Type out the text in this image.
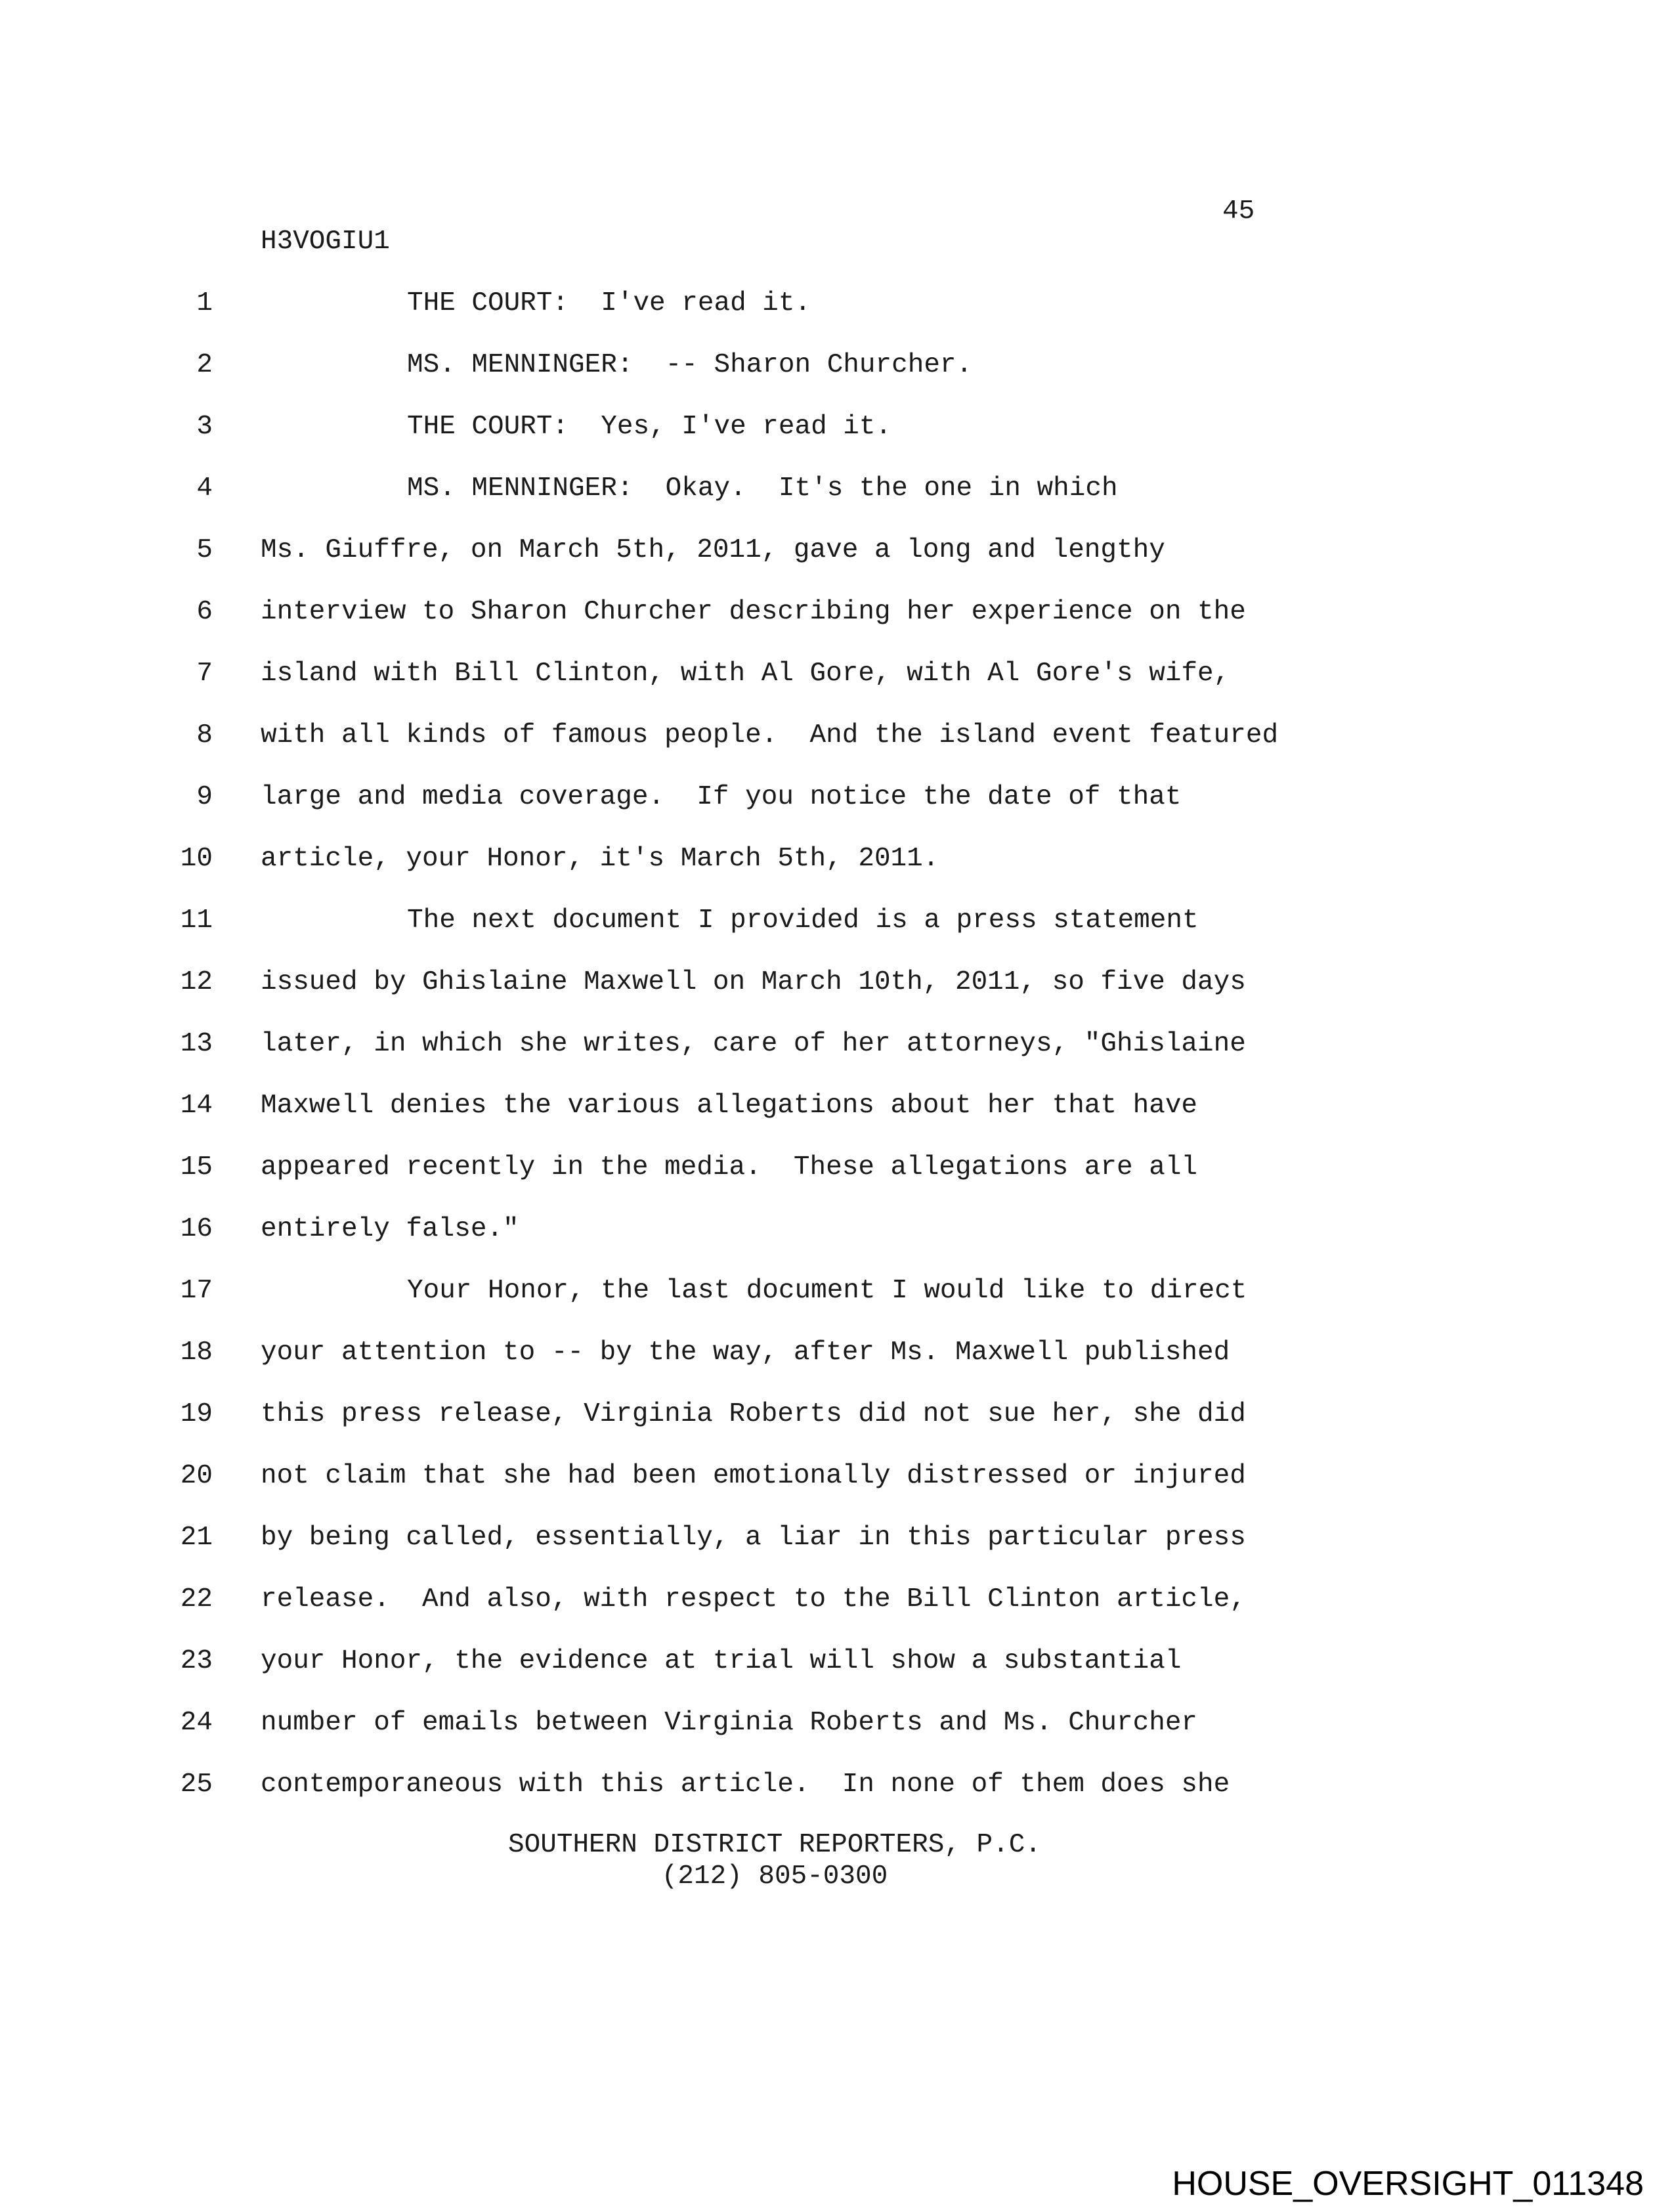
45
H3VOGIU1
1	THE COURT:  I've read it.
2	MS. MENNINGER:  -- Sharon Churcher.
3	THE COURT:  Yes, I've read it.
4	MS. MENNINGER:  Okay.  It's the one in which
5 Ms. Giuffre, on March 5th, 2011, gave a long and lengthy
6 interview to Sharon Churcher describing her experience on the
7 island with Bill Clinton, with Al Gore, with Al Gore's wife,
8 with all kinds of famous people.  And the island event featured
9 large and media coverage.  If you notice the date of that
10 article, your Honor, it's March 5th, 2011.
11	The next document I provided is a press statement
12 issued by Ghislaine Maxwell on March 10th, 2011, so five days
13 later, in which she writes, care of her attorneys, "Ghislaine
14 Maxwell denies the various allegations about her that have
15 appeared recently in the media.  These allegations are all
16 entirely false."
17	Your Honor, the last document I would like to direct
18 your attention to -- by the way, after Ms. Maxwell published
19 this press release, Virginia Roberts did not sue her, she did
20 not claim that she had been emotionally distressed or injured
21 by being called, essentially, a liar in this particular press
22 release.  And also, with respect to the Bill Clinton article,
23 your Honor, the evidence at trial will show a substantial
24 number of emails between Virginia Roberts and Ms. Churcher
25 contemporaneous with this article.  In none of them does she
SOUTHERN DISTRICT REPORTERS, P.C.
(212) 805-0300
HOUSE_OVERSIGHT_011348
